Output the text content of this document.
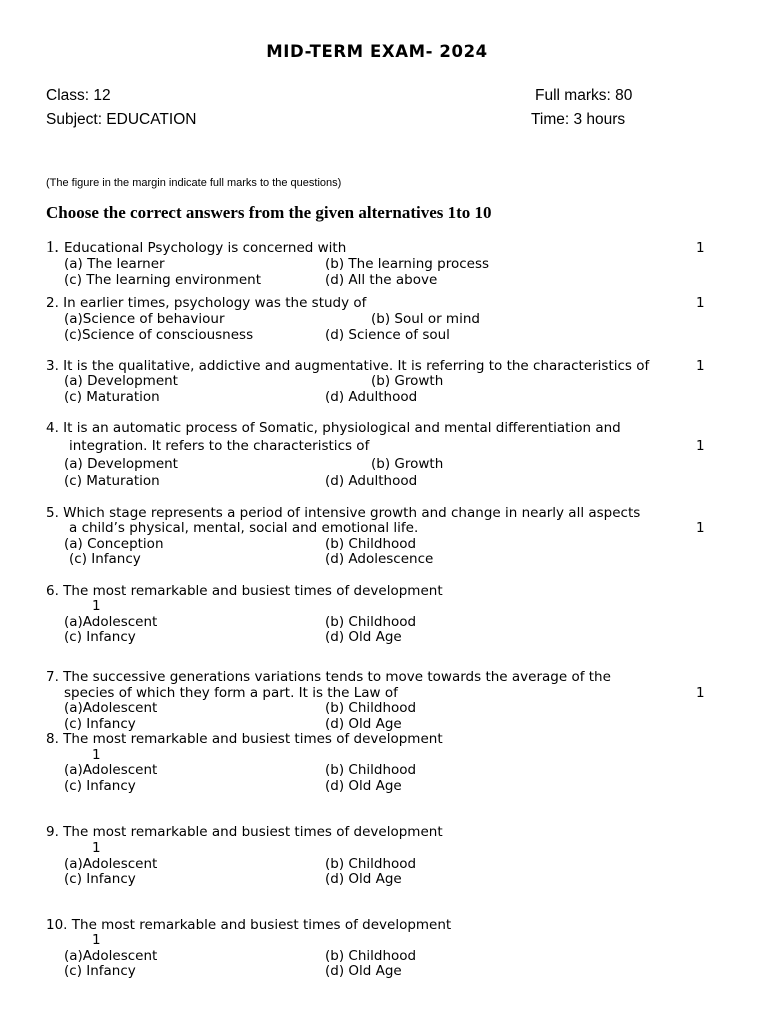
MID-TERM EXAM- 2024
Class: 12
Subject: EDUCATION
Full marks: 80
Time: 3 hours
(The figure in the margin indicate full marks to the questions)
Choose the correct answers from the given alternatives 1to 10
1. Educational Psychology is concerned with	1
(a) The learner	(b) The learning process
(c) The learning environment	(d) All the above
2. In earlier times, psychology was the study of	1
(a)Science of behaviour	(b) Soul or mind
(c)Science of consciousness	(d) Science of soul
3. It is the qualitative, addictive and augmentative. It is referring to the characteristics of	1
(a) Development	(b) Growth
(c) Maturation	(d) Adulthood
4. It is an automatic process of Somatic, physiological and mental differentiation and
integration. It refers to the characteristics of	1
(a) Development	(b) Growth
(c) Maturation	(d) Adulthood
5. Which stage represents a period of intensive growth and change in nearly all aspects
a child’s physical, mental, social and emotional life.	1
(a) Conception	(b) Childhood
(c) Infancy	(d) Adolescence
6. The most remarkable and busiest times of development
1
(a)Adolescent	(b) Childhood
(c) Infancy	(d) Old Age
7. The successive generations variations tends to move towards the average of the
species of which they form a part. It is the Law of	1
(a)Adolescent	(b) Childhood
(c) Infancy	(d) Old Age
8. The most remarkable and busiest times of development
1
(a)Adolescent	(b) Childhood
(c) Infancy	(d) Old Age
9. The most remarkable and busiest times of development
1
(a)Adolescent	(b) Childhood
(c) Infancy	(d) Old Age
10. The most remarkable and busiest times of development
1
(a)Adolescent	(b) Childhood
(c) Infancy	(d) Old Age
